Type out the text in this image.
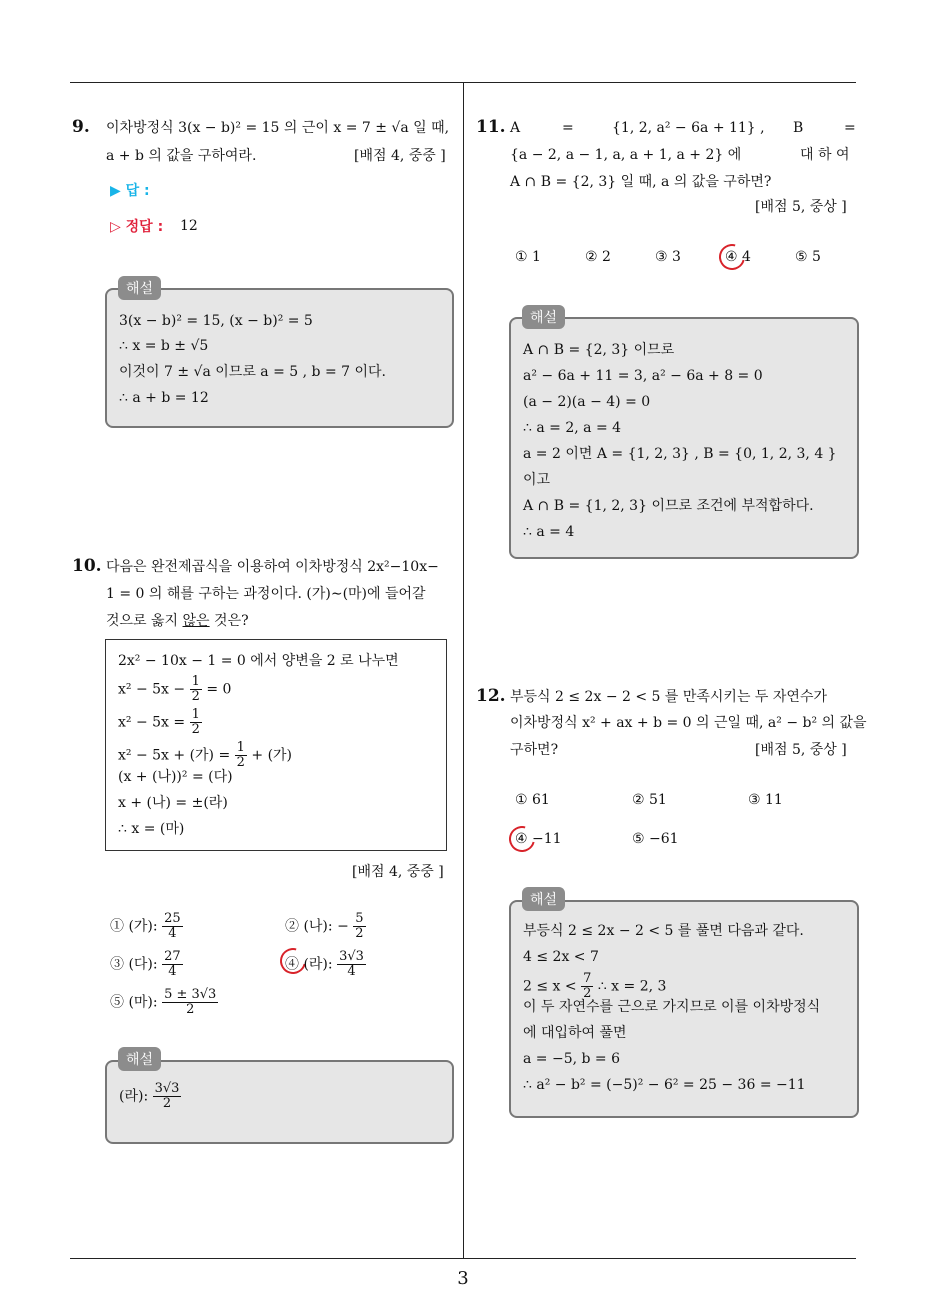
9. 이차방정식 3(x − b)² = 15 의 근이 x = 7 ± √a 일 때,
a + b 의 값을 구하여라.	[배점 4, 중중 ]
▶ 답 :
▷ 정답 : 12
3(x − b)² = 15, (x − b)² = 5
∴ x = b ± √5
이것이 7 ± √a 이므로 a = 5 , b = 7 이다.
∴ a + b = 12
해설
10. 다음은 완전제곱식을 이용하여 이차방정식 2x²−10x−
1 = 0 의 해를 구하는 과정이다. (가)∼(마)에 들어갈
것으로 옳지 않은 것은?
2x² − 10x − 1 = 0 에서 양변을 2 로 나누면
$x^2 - 5x - \frac{1}{2} = 0$
$x^2 - 5x = \frac{1}{2}$
x² − 5x + (가) = $\frac{1}{2}$ + (가)
(x + (나))² = (다)
x + (나) = ±(라)
∴ x = (마)
[배점 4, 중중 ]
① (가): $\frac{25}{4}$	② (나): − $\frac{5}{2}$
③ (다): $\frac{27}{4}$	④ (라): $\frac{3√3}{4}$
⑤ (마): $\frac{5 \pm 3√3}{2}$
(라): $\frac{3√3}{2}$
해설
11. A	=	{1, 2, a² − 6a + 11} , B	=
{a − 2, a − 1, a, a + 1, a + 2} 에	대 하 여
A ∩ B = {2, 3} 일 때, a 의 값을 구하면?
[배점 5, 중상 ]
① 1	② 2	③ 3	④ 4	⑤ 5
A ∩ B = {2, 3} 이므로
a² − 6a + 11 = 3, a² − 6a + 8 = 0
(a − 2)(a − 4) = 0
∴ a = 2, a = 4
a = 2 이면 A = {1, 2, 3} , B = {0, 1, 2, 3, 4 }
이고
A ∩ B = {1, 2, 3} 이므로 조건에 부적합하다.
∴ a = 4
해설
12. 부등식 2 ≤ 2x − 2 < 5 를 만족시키는 두 자연수가
이차방정식 x² + ax + b = 0 의 근일 때, a² − b² 의 값을
구하면?	[배점 5, 중상 ]
① 61	② 51	③ 11
④ −11	⑤ −61
부등식 2 ≤ 2x − 2 < 5 를 풀면 다음과 같다.
4 ≤ 2x < 7
$2 \le x < \frac{7}{2}$ ∴ x = 2, 3
이 두 자연수를 근으로 가지므로 이를 이차방정식
에 대입하여 풀면
a = −5, b = 6
∴ a² − b² = (−5)² − 6² = 25 − 36 = −11
해설
3
